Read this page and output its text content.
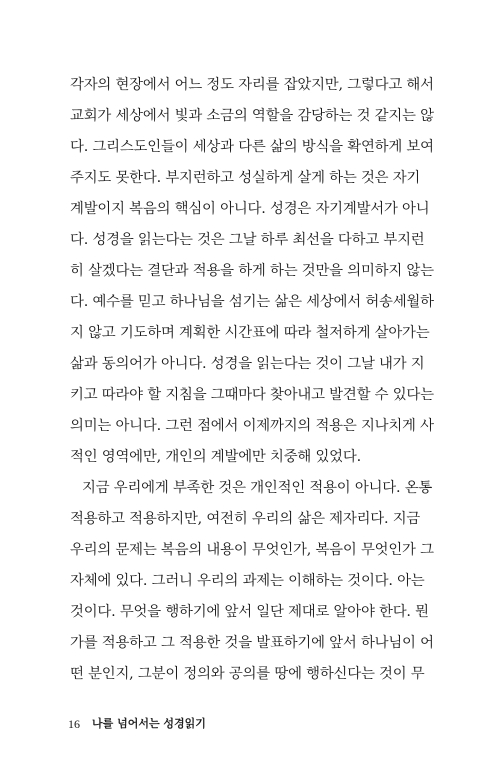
각자의 현장에서 어느 정도 자리를 잡았지만, 그렇다고 해서
교회가 세상에서 빛과 소금의 역할을 감당하는 것 같지는 않
다. 그리스도인들이 세상과 다른 삶의 방식을 확연하게 보여
주지도 못한다. 부지런하고 성실하게 살게 하는 것은 자기
계발이지 복음의 핵심이 아니다. 성경은 자기계발서가 아니
다. 성경을 읽는다는 것은 그날 하루 최선을 다하고 부지런
히 살겠다는 결단과 적용을 하게 하는 것만을 의미하지 않는
다. 예수를 믿고 하나님을 섬기는 삶은 세상에서 허송세월하
지 않고 기도하며 계획한 시간표에 따라 철저하게 살아가는
삶과 동의어가 아니다. 성경을 읽는다는 것이 그날 내가 지
키고 따라야 할 지침을 그때마다 찾아내고 발견할 수 있다는
의미는 아니다. 그런 점에서 이제까지의 적용은 지나치게 사
적인 영역에만, 개인의 계발에만 치중해 있었다.
지금 우리에게 부족한 것은 개인적인 적용이 아니다. 온통
적용하고 적용하지만, 여전히 우리의 삶은 제자리다. 지금
우리의 문제는 복음의 내용이 무엇인가, 복음이 무엇인가 그
자체에 있다. 그러니 우리의 과제는 이해하는 것이다. 아는
것이다. 무엇을 행하기에 앞서 일단 제대로 알아야 한다. 뭔
가를 적용하고 그 적용한 것을 발표하기에 앞서 하나님이 어
떤 분인지, 그분이 정의와 공의를 땅에 행하신다는 것이 무
16 나를 넘어서는 성경읽기
